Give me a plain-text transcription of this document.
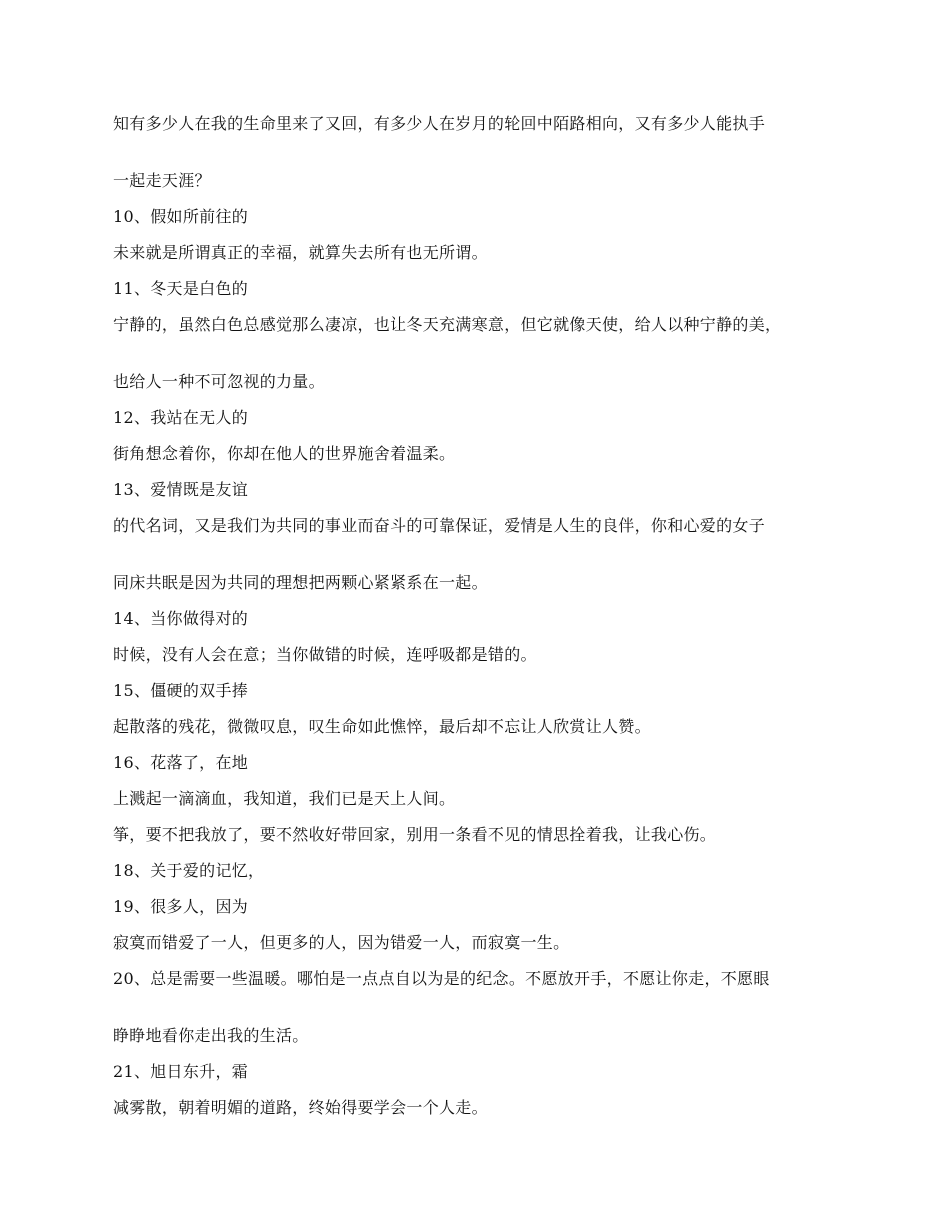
知有多少人在我的生命里来了又回，有多少人在岁月的轮回中陌路相向，又有多少人能执手

一起走天涯？

10、假如所前往的

未来就是所谓真正的幸福，就算失去所有也无所谓。

11、冬天是白色的

宁静的，虽然白色总感觉那么凄凉，也让冬天充满寒意，但它就像天使，给人以种宁静的美，

也给人一种不可忽视的力量。

12、我站在无人的

街角想念着你，你却在他人的世界施舍着温柔。

13、爱情既是友谊

的代名词，又是我们为共同的事业而奋斗的可靠保证，爱情是人生的良伴，你和心爱的女子

同床共眠是因为共同的理想把两颗心紧紧系在一起。

14、当你做得对的

时候，没有人会在意；当你做错的时候，连呼吸都是错的。

15、僵硬的双手捧

起散落的残花，微微叹息，叹生命如此憔悴，最后却不忘让人欣赏让人赞。

16、花落了，在地

上溅起一滴滴血，我知道，我们已是天上人间。

筝，要不把我放了，要不然收好带回家，别用一条看不见的情思拴着我，让我心伤。

18、关于爱的记忆，

19、很多人，因为

寂寞而错爱了一人，但更多的人，因为错爱一人，而寂寞一生。

20、总是需要一些温暖。哪怕是一点点自以为是的纪念。不愿放开手，不愿让你走，不愿眼

睁睁地看你走出我的生活。

21、旭日东升，霜

减雾散，朝着明媚的道路，终始得要学会一个人走。
